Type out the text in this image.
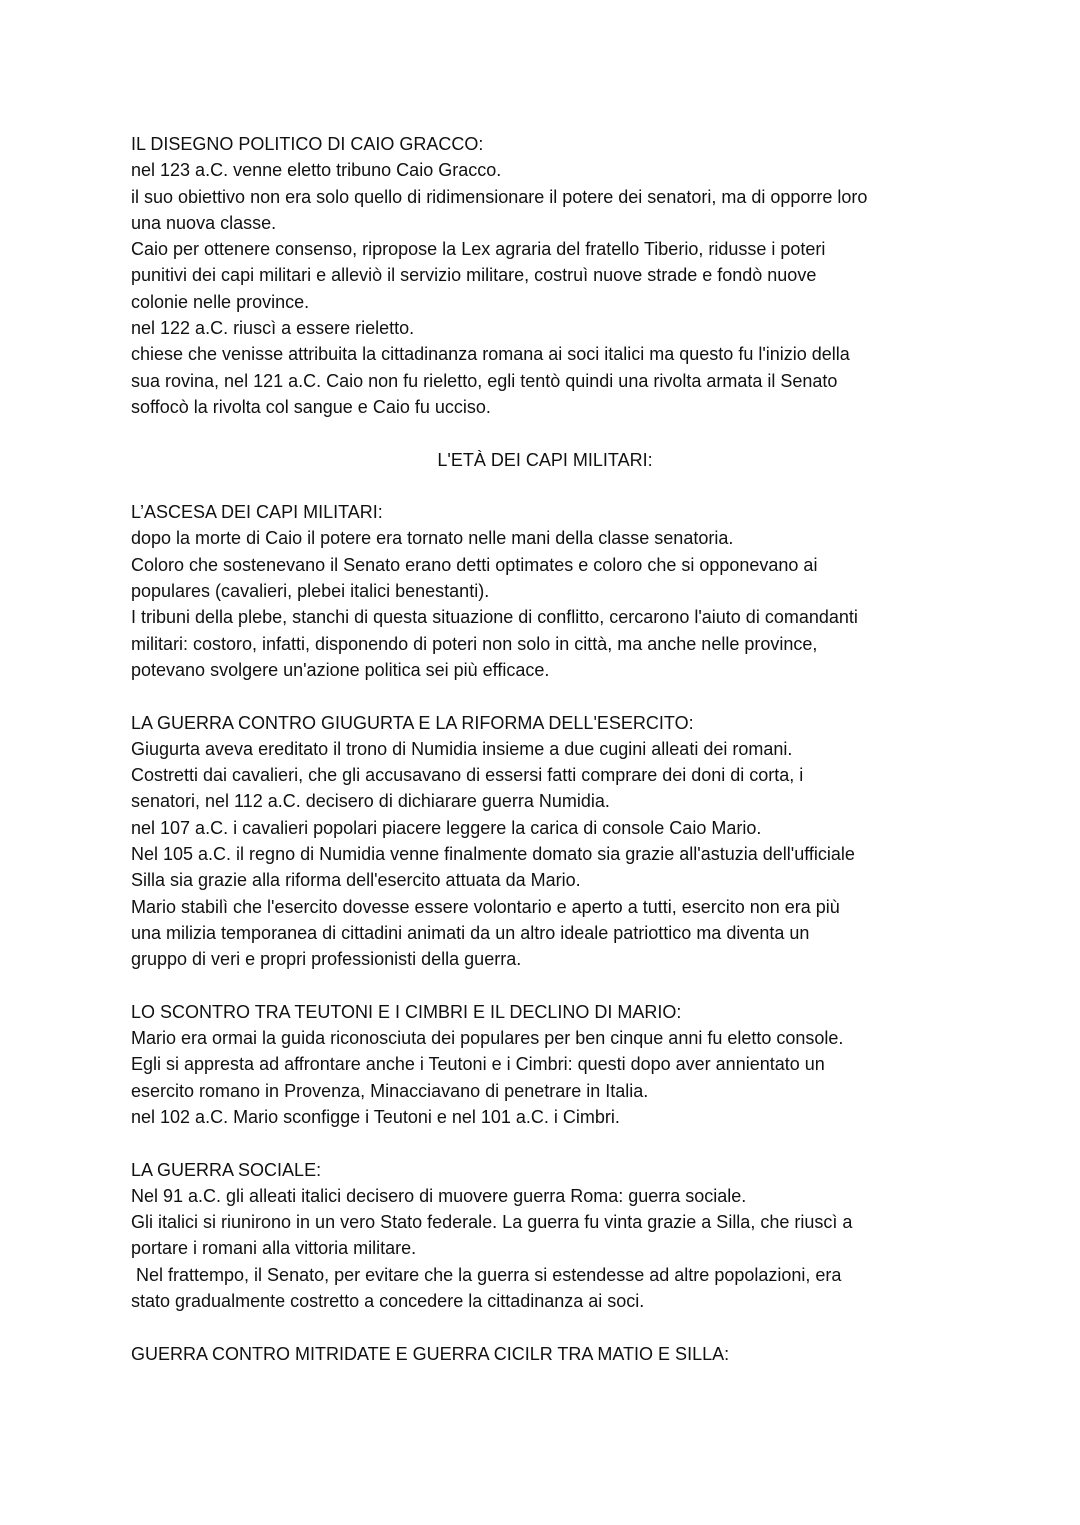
IL DISEGNO POLITICO DI CAIO GRACCO:

nel 123 a.C. venne eletto tribuno Caio Gracco.

il suo obiettivo non era solo quello di ridimensionare il potere dei senatori, ma di opporre loro

una nuova classe.

Caio per ottenere consenso, ripropose la Lex agraria del fratello Tiberio, ridusse i poteri

punitivi dei capi militari e alleviò il servizio militare, costruì nuove strade e fondò nuove

colonie nelle province.

nel 122 a.C. riuscì a essere rieletto.

chiese che venisse attribuita la cittadinanza romana ai soci italici ma questo fu l'inizio della

sua rovina, nel 121 a.C. Caio non fu rieletto, egli tentò quindi una rivolta armata il Senato

soffocò la rivolta col sangue e Caio fu ucciso.

L'ETÀ DEI CAPI MILITARI:

L’ASCESA DEI CAPI MILITARI:

dopo la morte di Caio il potere era tornato nelle mani della classe senatoria.

Coloro che sostenevano il Senato erano detti optimates e coloro che si opponevano ai

populares (cavalieri, plebei italici benestanti).

I tribuni della plebe, stanchi di questa situazione di conflitto, cercarono l'aiuto di comandanti

militari: costoro, infatti, disponendo di poteri non solo in città, ma anche nelle province,

potevano svolgere un'azione politica sei più efficace.

LA GUERRA CONTRO GIUGURTA E LA RIFORMA DELL'ESERCITO:

Giugurta aveva ereditato il trono di Numidia insieme a due cugini alleati dei romani.

Costretti dai cavalieri, che gli accusavano di essersi fatti comprare dei doni di corta, i

senatori, nel 112 a.C. decisero di dichiarare guerra Numidia.

nel 107 a.C. i cavalieri popolari piacere leggere la carica di console Caio Mario.

Nel 105 a.C. il regno di Numidia venne finalmente domato sia grazie all'astuzia dell'ufficiale

Silla sia grazie alla riforma dell'esercito attuata da Mario.

Mario stabilì che l'esercito dovesse essere volontario e aperto a tutti, esercito non era più

una milizia temporanea di cittadini animati da un altro ideale patriottico ma diventa un

gruppo di veri e propri professionisti della guerra.

LO SCONTRO TRA TEUTONI E I CIMBRI E IL DECLINO DI MARIO:

Mario era ormai la guida riconosciuta dei populares per ben cinque anni fu eletto console.

Egli si appresta ad affrontare anche i Teutoni e i Cimbri: questi dopo aver annientato un

esercito romano in Provenza, Minacciavano di penetrare in Italia.

nel 102 a.C. Mario sconfigge i Teutoni e nel 101 a.C. i Cimbri.

LA GUERRA SOCIALE:

Nel 91 a.C. gli alleati italici decisero di muovere guerra Roma: guerra sociale.

Gli italici si riunirono in un vero Stato federale. La guerra fu vinta grazie a Silla, che riuscì a

portare i romani alla vittoria militare.

Nel frattempo, il Senato, per evitare che la guerra si estendesse ad altre popolazioni, era

stato gradualmente costretto a concedere la cittadinanza ai soci.

GUERRA CONTRO MITRIDATE E GUERRA CICILR TRA MATIO E SILLA:
